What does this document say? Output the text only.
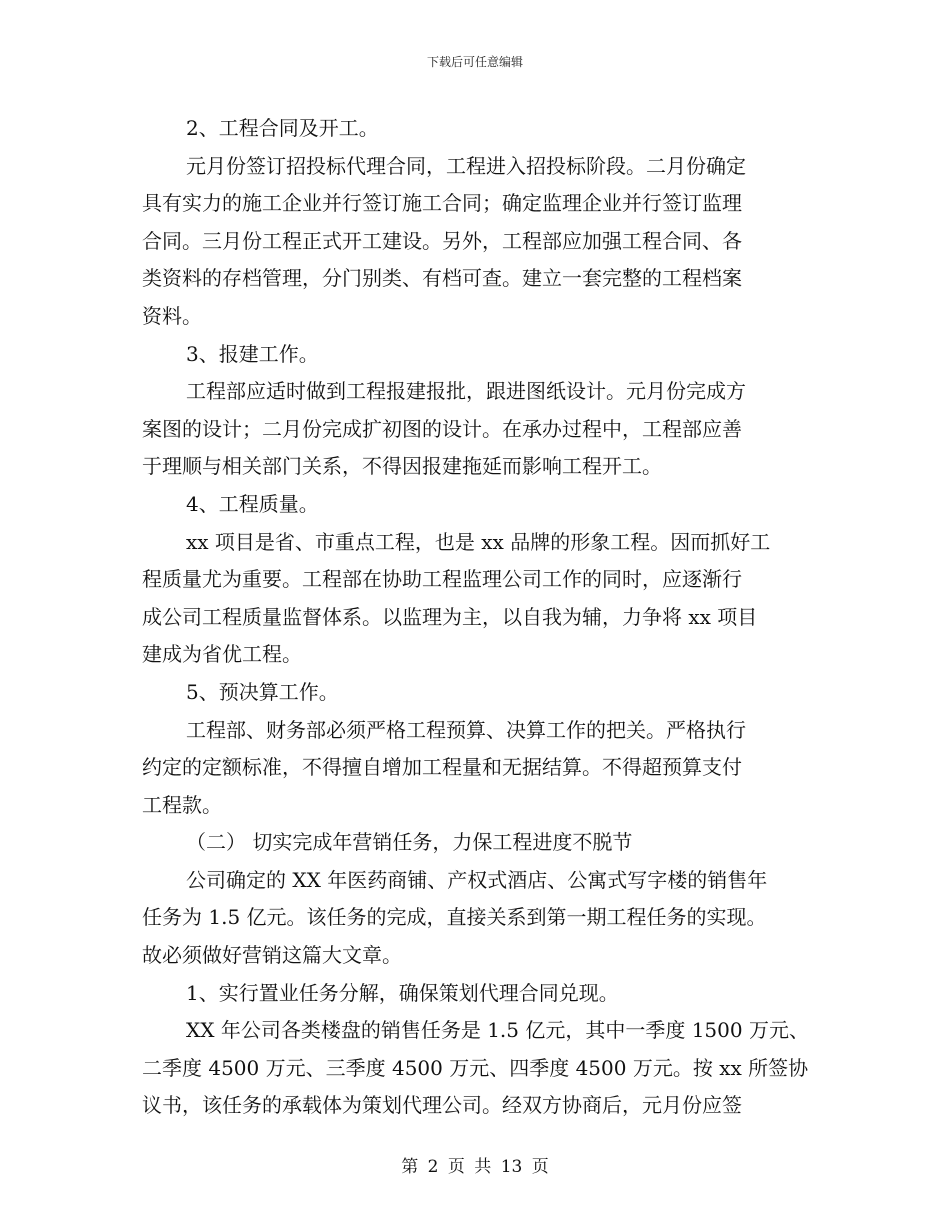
下载后可任意编辑
2、工程合同及开工。
元月份签订招投标代理合同，工程进入招投标阶段。二月份确定
具有实力的施工企业并行签订施工合同；确定监理企业并行签订监理
合同。三月份工程正式开工建设。另外，工程部应加强工程合同、各
类资料的存档管理，分门别类、有档可查。建立一套完整的工程档案
资料。
3、报建工作。
工程部应适时做到工程报建报批，跟进图纸设计。元月份完成方
案图的设计；二月份完成扩初图的设计。在承办过程中，工程部应善
于理顺与相关部门关系，不得因报建拖延而影响工程开工。
4、工程质量。
xx 项目是省、市重点工程，也是 xx 品牌的形象工程。因而抓好工
程质量尤为重要。工程部在协助工程监理公司工作的同时，应逐渐行
成公司工程质量监督体系。以监理为主，以自我为辅，力争将 xx 项目
建成为省优工程。
5、预决算工作。
工程部、财务部必须严格工程预算、决算工作的把关。严格执行
约定的定额标准，不得擅自增加工程量和无据结算。不得超预算支付
工程款。
（二） 切实完成年营销任务，力保工程进度不脱节
公司确定的 XX 年医药商铺、产权式酒店、公寓式写字楼的销售年
任务为 1.5 亿元。该任务的完成，直接关系到第一期工程任务的实现。
故必须做好营销这篇大文章。
1、实行置业任务分解，确保策划代理合同兑现。
XX 年公司各类楼盘的销售任务是 1.5 亿元，其中一季度 1500 万元、
二季度 4500 万元、三季度 4500 万元、四季度 4500 万元。按 xx 所签协
议书，该任务的承载体为策划代理公司。经双方协商后，元月份应签
第 2 页 共 13 页
